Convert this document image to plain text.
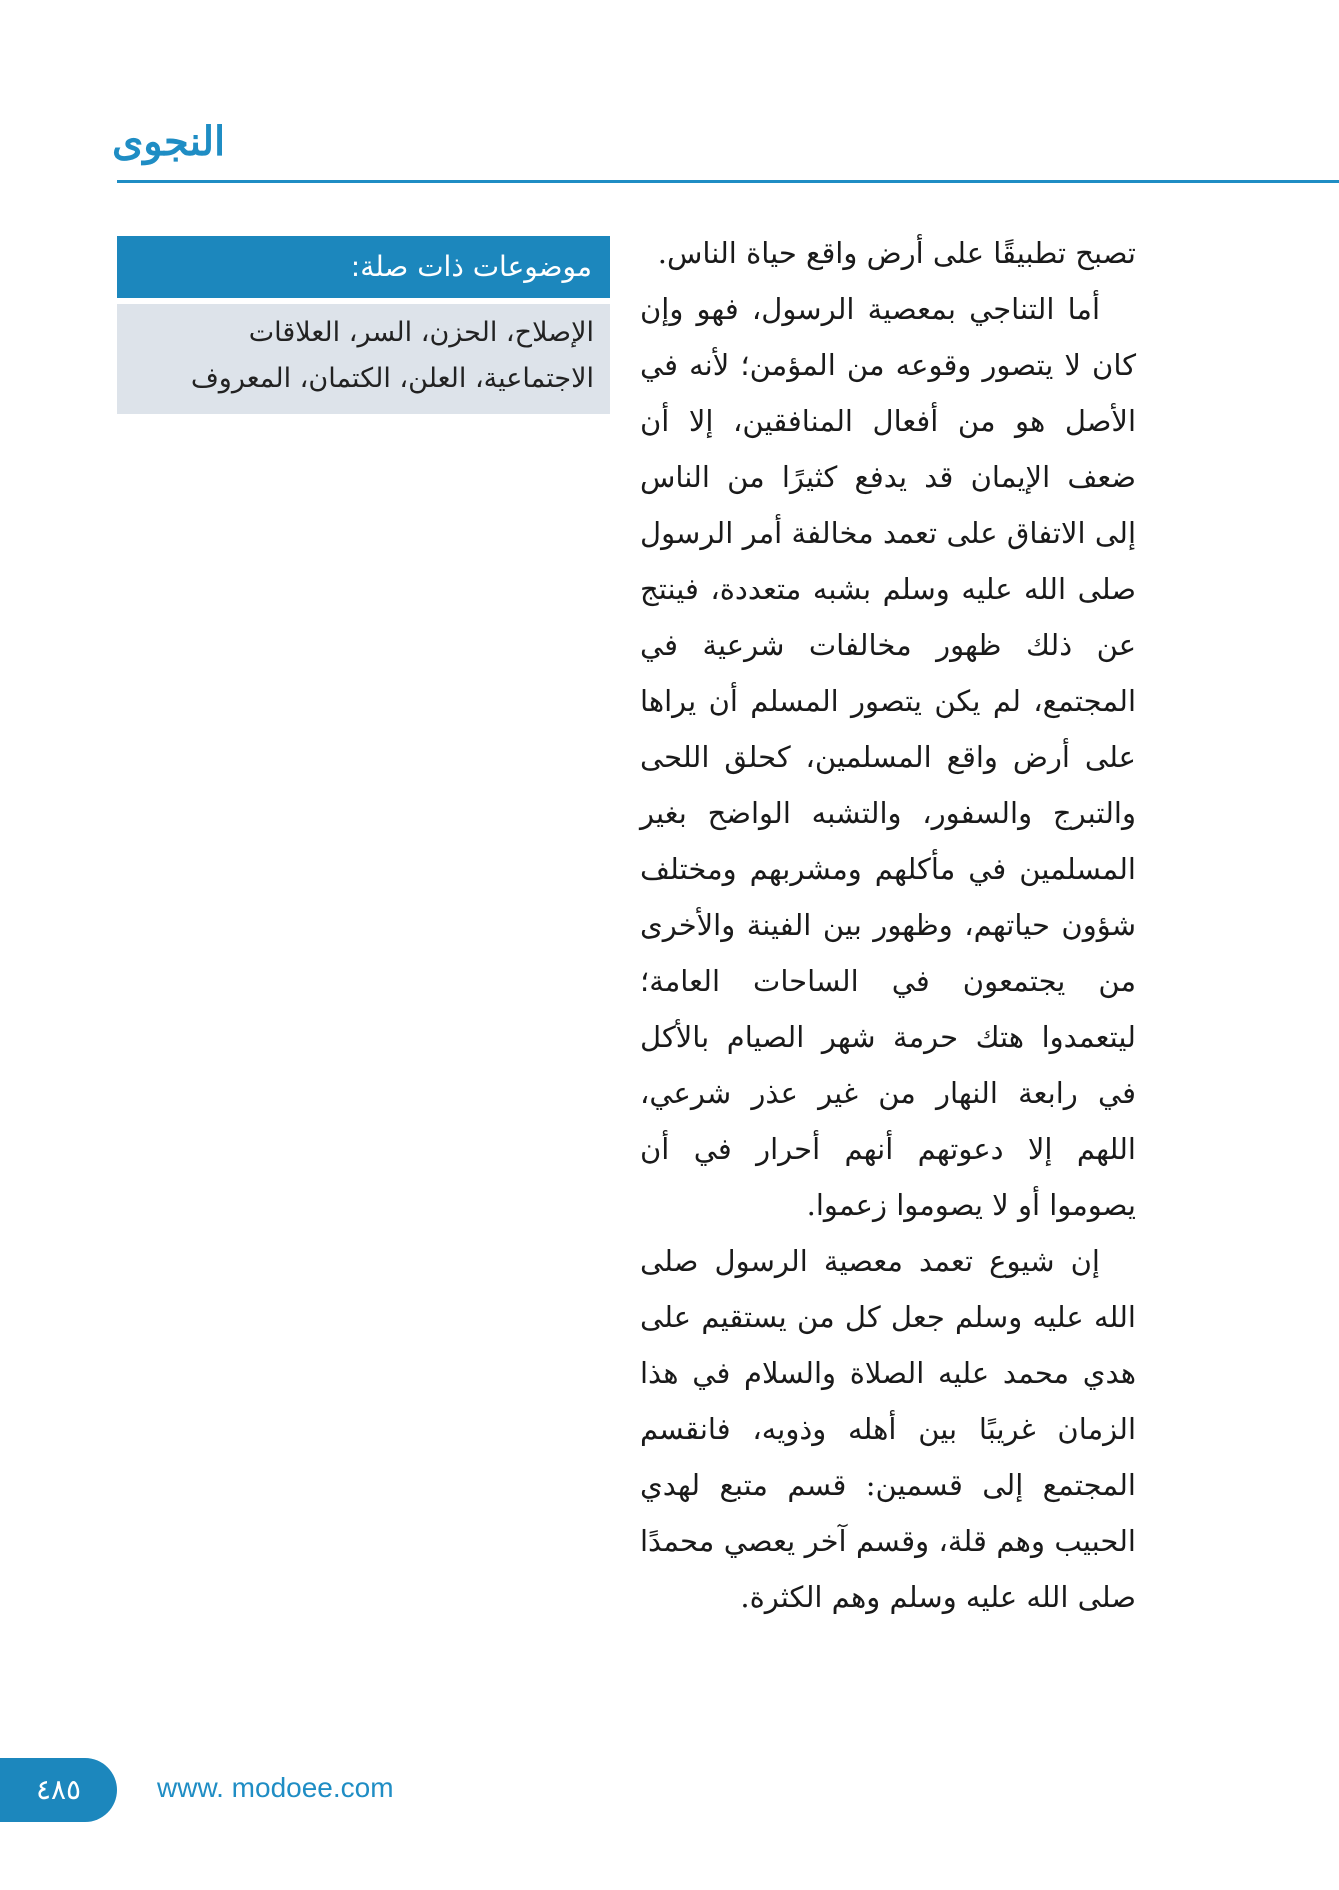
النجوى

تصبح تطبيقًا على أرض واقع حياة الناس.

أما التناجي بمعصية الرسول، فهو وإن كان لا يتصور وقوعه من المؤمن؛ لأنه في الأصل هو من أفعال المنافقين، إلا أن ضعف الإيمان قد يدفع كثيرًا من الناس إلى الاتفاق على تعمد مخالفة أمر الرسول صلى الله عليه وسلم بشبه متعددة، فينتج عن ذلك ظهور مخالفات شرعية في المجتمع، لم يكن يتصور المسلم أن يراها على أرض واقع المسلمين، كحلق اللحى والتبرج والسفور، والتشبه الواضح بغير المسلمين في مأكلهم ومشربهم ومختلف شؤون حياتهم، وظهور بين الفينة والأخرى من يجتمعون في الساحات العامة؛ ليتعمدوا هتك حرمة شهر الصيام بالأكل في رابعة النهار من غير عذر شرعي، اللهم إلا دعوتهم أنهم أحرار في أن يصوموا أو لا يصوموا زعموا.

إن شيوع تعمد معصية الرسول صلى الله عليه وسلم جعل كل من يستقيم على هدي محمد عليه الصلاة والسلام في هذا الزمان غريبًا بين أهله وذويه، فانقسم المجتمع إلى قسمين: قسم متبع لهدي الحبيب وهم قلة، وقسم آخر يعصي محمدًا صلى الله عليه وسلم وهم الكثرة.

موضوعات ذات صلة:
الإصلاح، الحزن، السر، العلاقات الاجتماعية، العلن، الكتمان، المعروف
٤٨٥	www. modoee.com
